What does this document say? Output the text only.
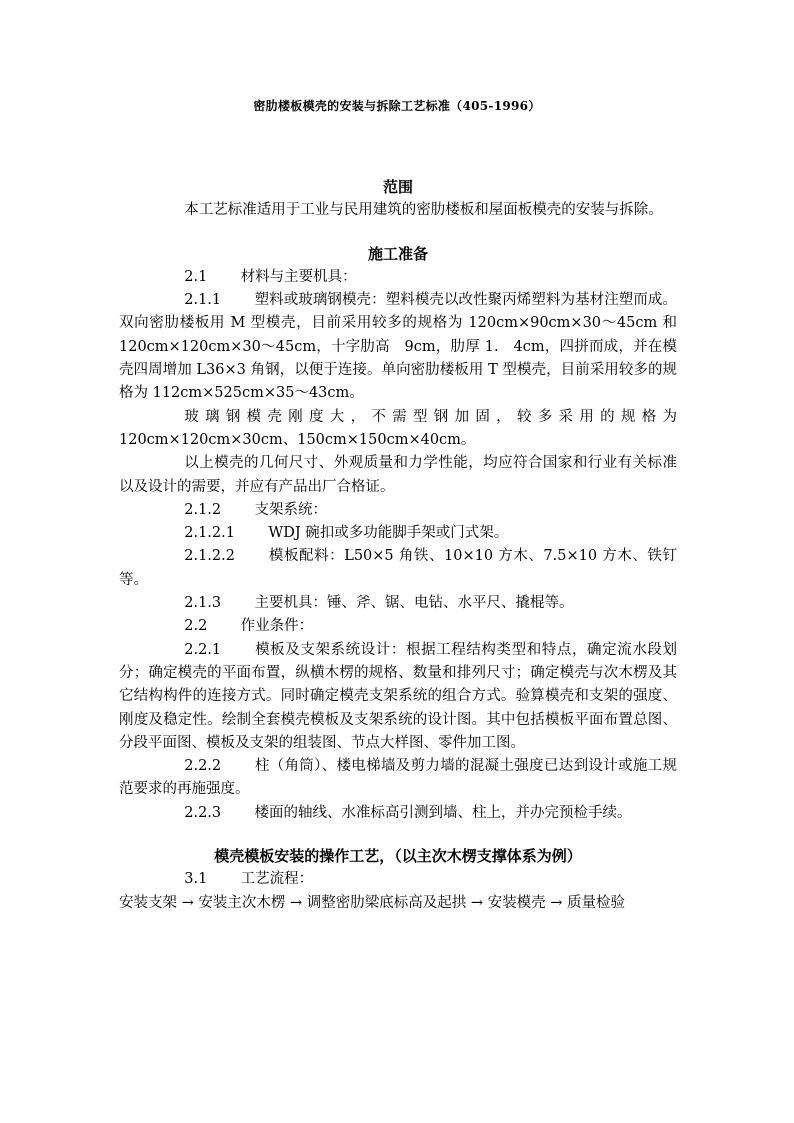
密肋楼板模壳的安装与拆除工艺标准（405-1996）
范围

本工艺标准适用于工业与民用建筑的密肋楼板和屋面板模壳的安装与拆除。

施工准备

2.1 材料与主要机具：

2.1.1 塑料或玻璃钢模壳：塑料模壳以改性聚丙烯塑料为基材注塑而成。双向密肋楼板用 M 型模壳，目前采用较多的规格为 120cm×90cm×30～45cm 和 120cm×120cm×30～45cm，十字肋高　9cm，肋厚 1.　4cm，四拼而成，并在模壳四周增加 L36×3 角钢，以便于连接。单向密肋楼板用 T 型模壳，目前采用较多的规格为 112cm×525cm×35～43cm。

玻璃钢模壳刚度大，不需型钢加固，较多采用的规格为120cm×120cm×30cm、150cm×150cm×40cm。

以上模壳的几何尺寸、外观质量和力学性能，均应符合国家和行业有关标准以及设计的需要，并应有产品出厂合格证。

2.1.2 支架系统：

2.1.2.1 WDJ 碗扣或多功能脚手架或门式架。

2.1.2.2 模板配料：L50×5 角铁、10×10 方木、7.5×10 方木、铁钉等。

2.1.3 主要机具：锤、斧、锯、电钻、水平尺、撬棍等。

2.2 作业条件：

2.2.1 模板及支架系统设计：根据工程结构类型和特点，确定流水段划分；确定模壳的平面布置，纵横木楞的规格、数量和排列尺寸；确定模壳与次木楞及其它结构构件的连接方式。同时确定模壳支架系统的组合方式。验算模壳和支架的强度、刚度及稳定性。绘制全套模壳模板及支架系统的设计图。其中包括模板平面布置总图、分段平面图、模板及支架的组装图、节点大样图、零件加工图。

2.2.2 柱（角筒）、楼电梯墙及剪力墙的混凝土强度已达到设计或施工规范要求的再施强度。

2.2.3 楼面的轴线、水准标高引测到墙、柱上，并办完预检手续。

模壳模板安装的操作工艺，（以主次木楞支撑体系为例）

3.1 工艺流程：

安装支架 → 安装主次木楞 → 调整密肋梁底标高及起拱 → 安装模壳 → 质量检验
